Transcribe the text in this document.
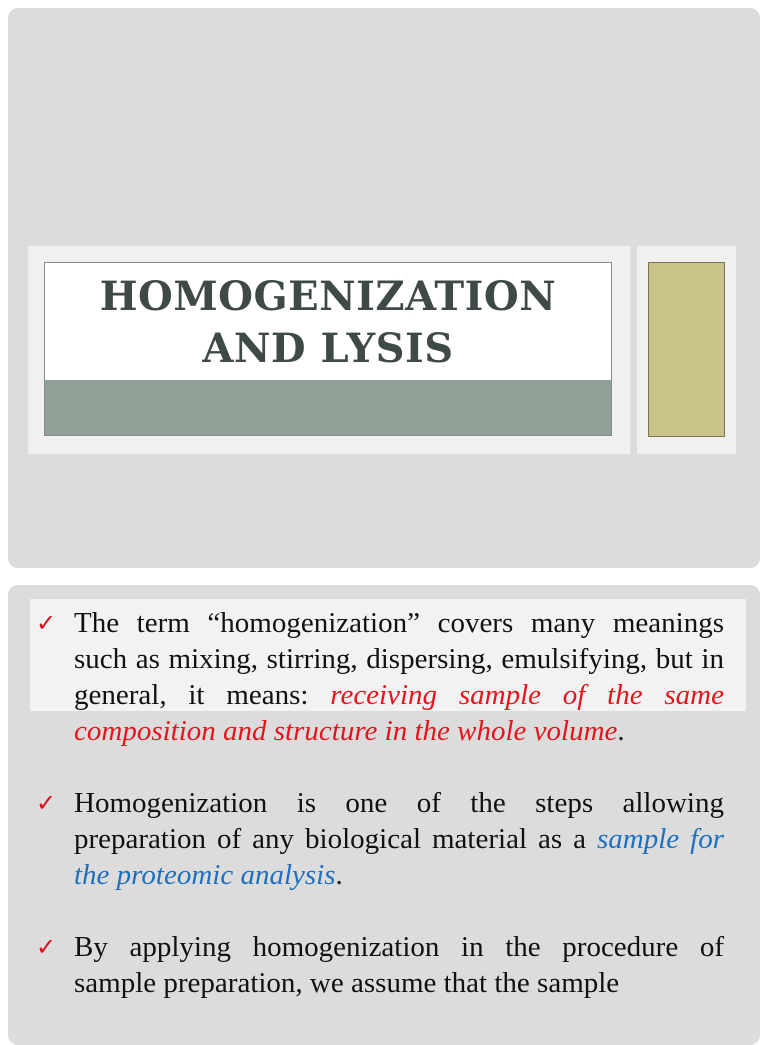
HOMOGENIZATION
AND LYSIS
✓ The term “homogenization” covers many meanings such as mixing, stirring, dispersing, emulsifying, but in general, it means: receiving sample of the same composition and structure in the whole volume.
✓ Homogenization is one of the steps allowing preparation of any biological material as a sample for the proteomic analysis.
✓ By applying homogenization in the procedure of sample preparation, we assume that the sample
